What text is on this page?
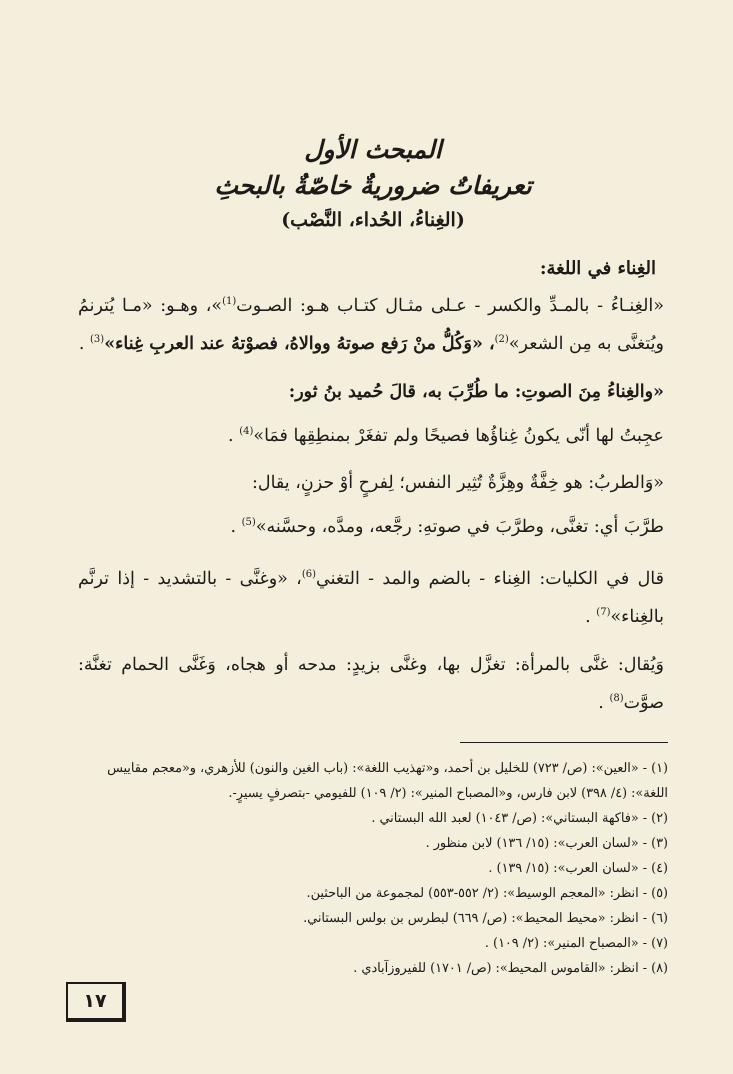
المبحث الأول
تعريفاتٌ ضروريةٌ خاصّةٌ بالبحثِ
(الغِناءُ، الحُداء، النَّصْب)
الغِناء في اللغة:

«الغِنـاءُ - بالمـدِّ والكسر - عـلى مثـال كتـاب هـو: الصـوت$^{(1)}$»، وهـو: «مـا يُترنمُ ويُتغنَّى به مِن الشعر»$^{(2)}$، «وَكُلُّ منْ رَفع صوتهُ ووالاهُ، فصوْتهُ عند العربِ غِناء»$^{(3)}$ .

«والغِناءُ مِنَ الصوتِ: ما طُرِّبَ به، قالَ حُميد بنُ ثور:

عجِبتُ لها أنّى يكونُ غِناؤُها فصيحًا ولم تفغَرْ بمنطِقِها فمَا»$^{(4)}$ .

«وَالطربُ: هو خِفَّةٌ وهِزَّةٌ تُثِير النفس؛ لِفرحٍ أوْ حزنٍ، يقال:

طرَّبَ أي: تغنَّى، وطرَّبَ في صوتهِ: رجَّعه، ومدَّه، وحسَّنه»$^{(5)}$ .

قال في الكليات: الغِناء - بالضم والمد - التغني$^{(6)}$، «وغنَّى - بالتشديد - إذا ترنَّم بالغِناء»$^{(7)}$ .

وَيُقال: غنَّى بالمرأة: تغزَّل بها، وغنَّى بزيدٍ: مدحه أو هجاه، وَغَنَّى الحمام تغنَّة: صوَّت$^{(8)}$ .

(١) - «العين»: (ص/ ٧٢٣) للخليل بن أحمد، و«تهذيب اللغة»: (باب الغين والنون) للأزهري، و«معجم مقاييس اللغة»: (٤/ ٣٩٨) لابن فارس، و«المصباح المنير»: (٢/ ١٠٩) للفيومي -بتصرفٍ يسيرٍ-.

(٢) - «فاكهة البستاني»: (ص/ ١٠٤٣) لعبد الله البستاني .

(٣) - «لسان العرب»: (١٥/ ١٣٦) لابن منظور .

(٤) - «لسان العرب»: (١٥/ ١٣٩) .

(٥) - انظر: «المعجم الوسيط»: (٢/ ٥٥٢-٥٥٣) لمجموعة من الباحثين.

(٦) - انظر: «محيط المحيط»: (ص/ ٦٦٩) لبطرس بن بولس البستاني.

(٧) - «المصباح المنير»: (٢/ ١٠٩) .

(٨) - انظر: «القاموس المحيط»: (ص/ ١٧٠١) للفيروزآبادي .

١٧
